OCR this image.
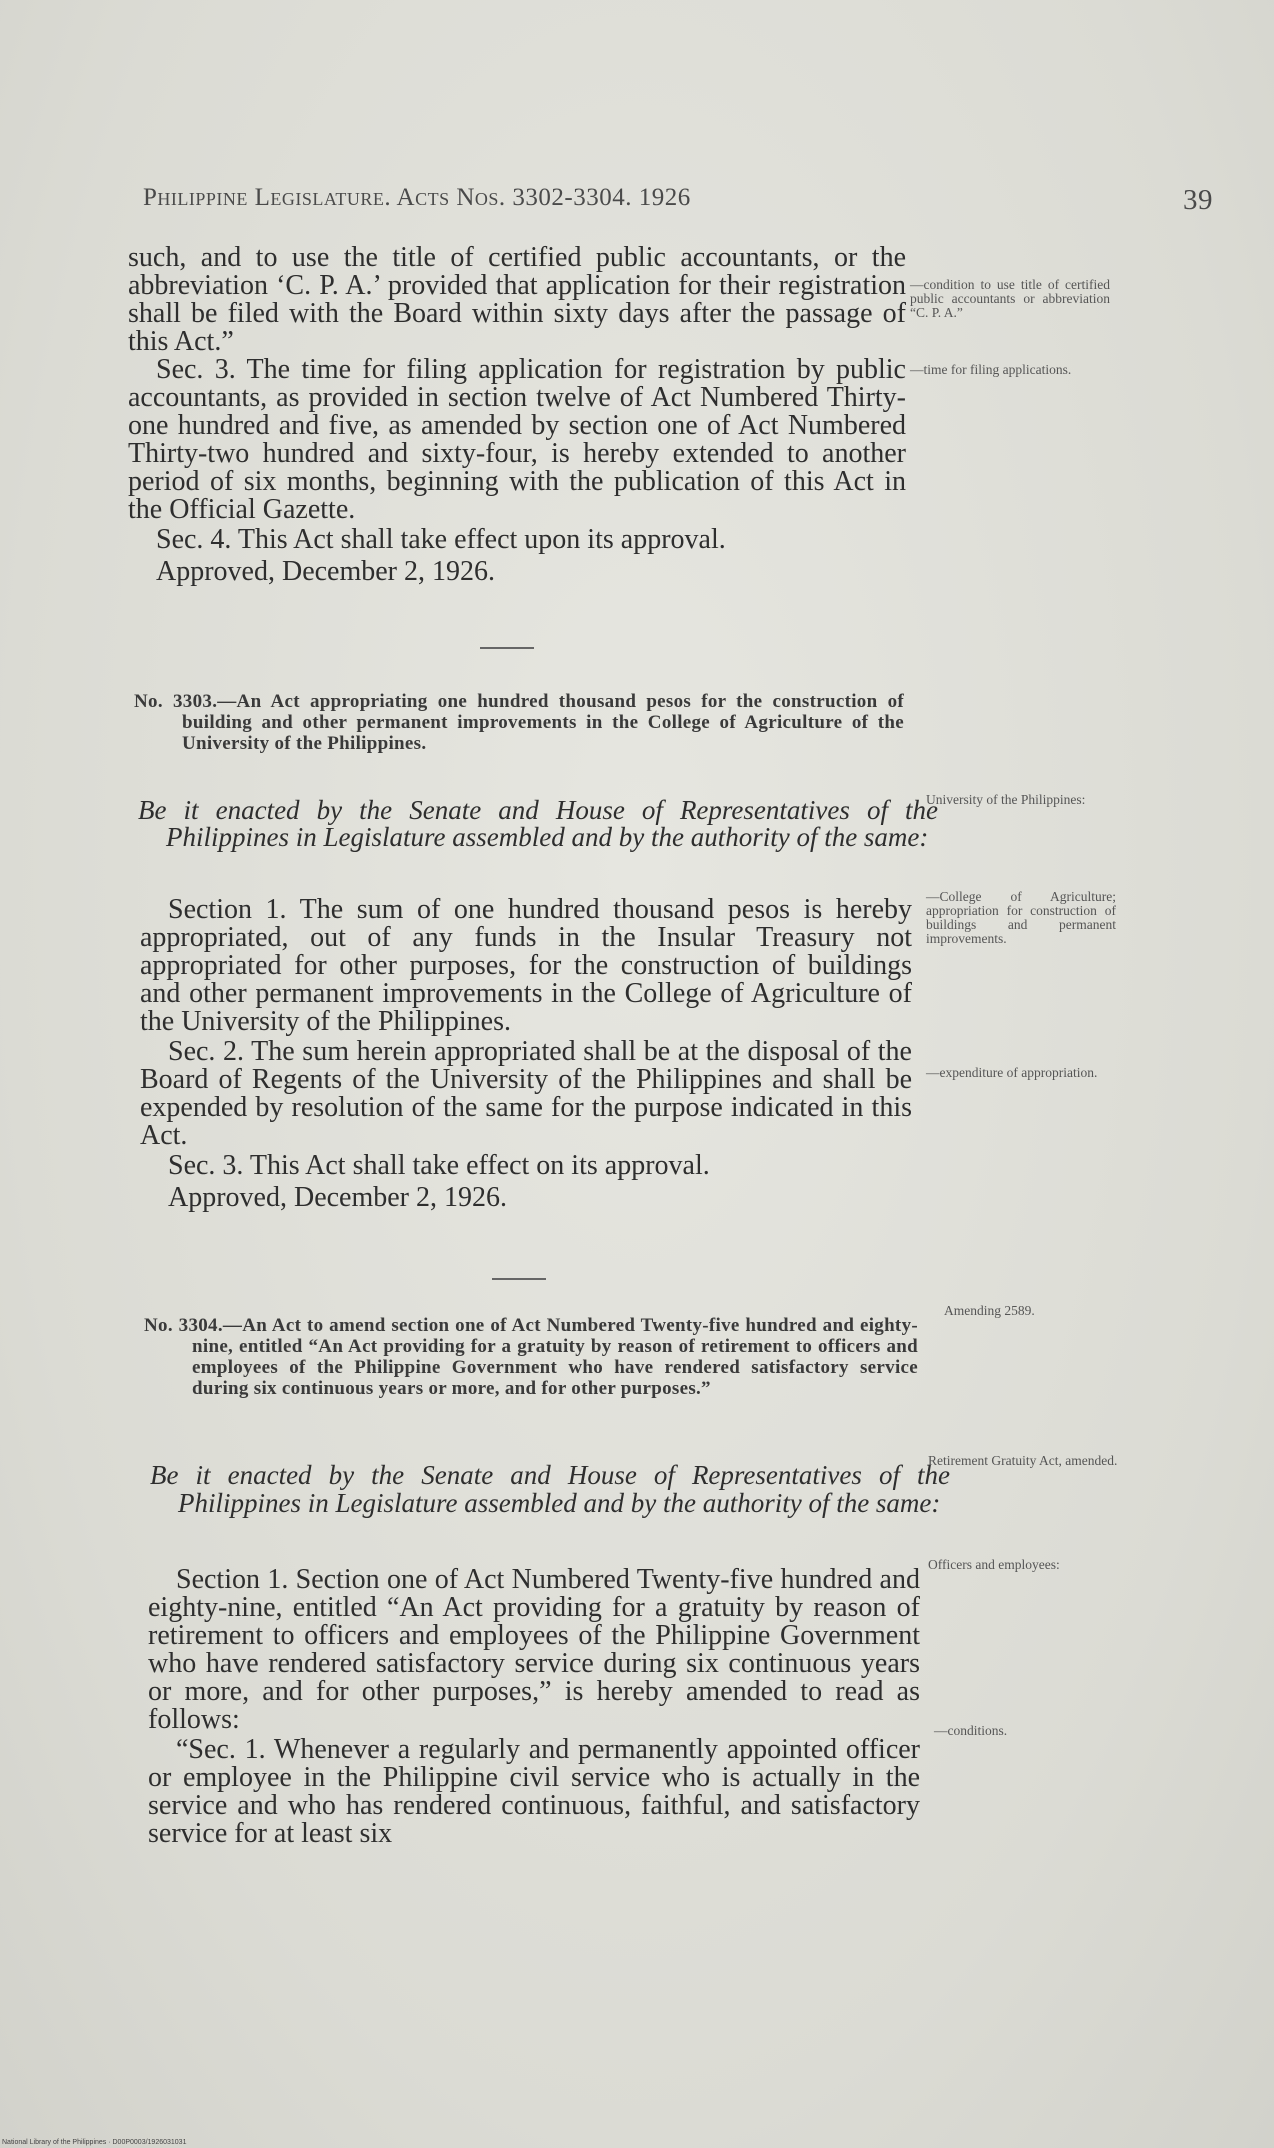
Philippine Legislature. Acts Nos. 3302-3304. 1926	39

such, and to use the title of certified public accountants, or the abbreviation ‘C. P. A.’ provided that application for their registration shall be filed with the Board within sixty days after the passage of this Act.”

Sec. 3. The time for filing application for registration by public accountants, as provided in section twelve of Act Numbered Thirty-one hundred and five, as amended by section one of Act Numbered Thirty-two hundred and sixty-four, is hereby extended to another period of six months, beginning with the publication of this Act in the Official Gazette.

Sec. 4. This Act shall take effect upon its approval.

Approved, December 2, 1926.

—condition to use title of certified public accountants or abbreviation “C. P. A.”
—time for filing applications.
No. 3303.—An Act appropriating one hundred thousand pesos for the construction of building and other permanent improvements in the College of Agriculture of the University of the Philippines.
Be it enacted by the Senate and House of Representatives of the Philippines in Legislature assembled and by the authority of the same:

Section 1. The sum of one hundred thousand pesos is hereby appropriated, out of any funds in the Insular Treasury not appropriated for other purposes, for the construction of buildings and other permanent improvements in the College of Agriculture of the University of the Philippines.

Sec. 2. The sum herein appropriated shall be at the disposal of the Board of Regents of the University of the Philippines and shall be expended by resolution of the same for the purpose indicated in this Act.

Sec. 3. This Act shall take effect on its approval.

Approved, December 2, 1926.

University of the Philippines:
—College of Agriculture; appropriation for construction of buildings and permanent improvements.
—expenditure of appropriation.
No. 3304.—An Act to amend section one of Act Numbered Twenty-five hundred and eighty-nine, entitled “An Act providing for a gratuity by reason of retirement to officers and employees of the Philippine Government who have rendered satisfactory service during six continuous years or more, and for other purposes.”
Be it enacted by the Senate and House of Representatives of the Philippines in Legislature assembled and by the authority of the same:

Section 1. Section one of Act Numbered Twenty-five hundred and eighty-nine, entitled “An Act providing for a gratuity by reason of retirement to officers and employees of the Philippine Government who have rendered satisfactory service during six continuous years or more, and for other purposes,” is hereby amended to read as follows:

“Sec. 1. Whenever a regularly and permanently appointed officer or employee in the Philippine civil service who is actually in the service and who has rendered continuous, faithful, and satisfactory service for at least six

Amending 2589.
Retirement Gratuity Act, amended.
Officers and employees:
—conditions.
National Library of the Philippines · D00P0003/1926031031
